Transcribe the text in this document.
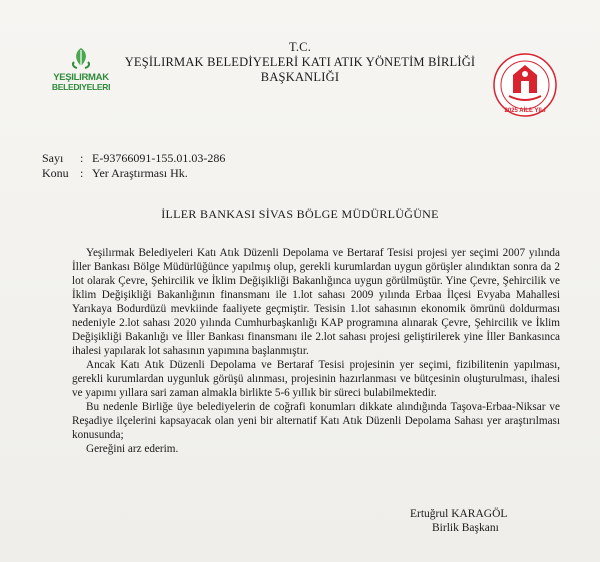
YEŞILIRMAK
BELEDIYELERI
T.C.
YEŞİLIRMAK BELEDİYELERİ KATI ATIK YÖNETİM BİRLİĞİ
BAŞKANLIĞI
2025 AİLE YILI
Sayı : E-93766091-155.01.03-286
Konu : Yer Araştırması Hk.
İLLER BANKASI SİVAS BÖLGE MÜDÜRLÜĞÜNE

Yeşilırmak Belediyeleri Katı Atık Düzenli Depolama ve Bertaraf Tesisi projesi yer seçimi 2007 yılında İller Bankası Bölge Müdürlüğünce yapılmış olup, gerekli kurumlardan uygun görüşler alındıktan sonra da 2 lot olarak Çevre, Şehircilik ve İklim Değişikliği Bakanlığınca uygun görülmüştür. Yine Çevre, Şehircilik ve İklim Değişikliği Bakanlığının finansmanı ile 1.lot sahası 2009 yılında Erbaa İlçesi Evyaba Mahallesi Yarıkaya Bodurdüzü mevkiinde faaliyete geçmiştir. Tesisin 1.lot sahasının ekonomik ömrünü doldurması nedeniyle 2.lot sahası 2020 yılında Cumhurbaşkanlığı KAP programına alınarak Çevre, Şehircilik ve İklim Değişikliği Bakanlığı ve İller Bankası finansmanı ile 2.lot sahası projesi geliştirilerek yine İller Bankasınca ihalesi yapılarak lot sahasının yapımına başlanmıştır.

Ancak Katı Atık Düzenli Depolama ve Bertaraf Tesisi projesinin yer seçimi, fizibilitenin yapılması, gerekli kurumlardan uygunluk görüşü alınması, projesinin hazırlanması ve bütçesinin oluşturulması, ihalesi ve yapımı yıllara sari zaman almakla birlikte 5-6 yıllık bir süreci bulabilmektedir.

Bu nedenle Birliğe üye belediyelerin de coğrafi konumları dikkate alındığında Taşova-Erbaa-Niksar ve Reşadiye ilçelerini kapsayacak olan yeni bir alternatif Katı Atık Düzenli Depolama Sahası yer araştırılması konusunda;

Gereğini arz ederim.

Ertuğrul KARAGÖL
Birlik Başkanı
